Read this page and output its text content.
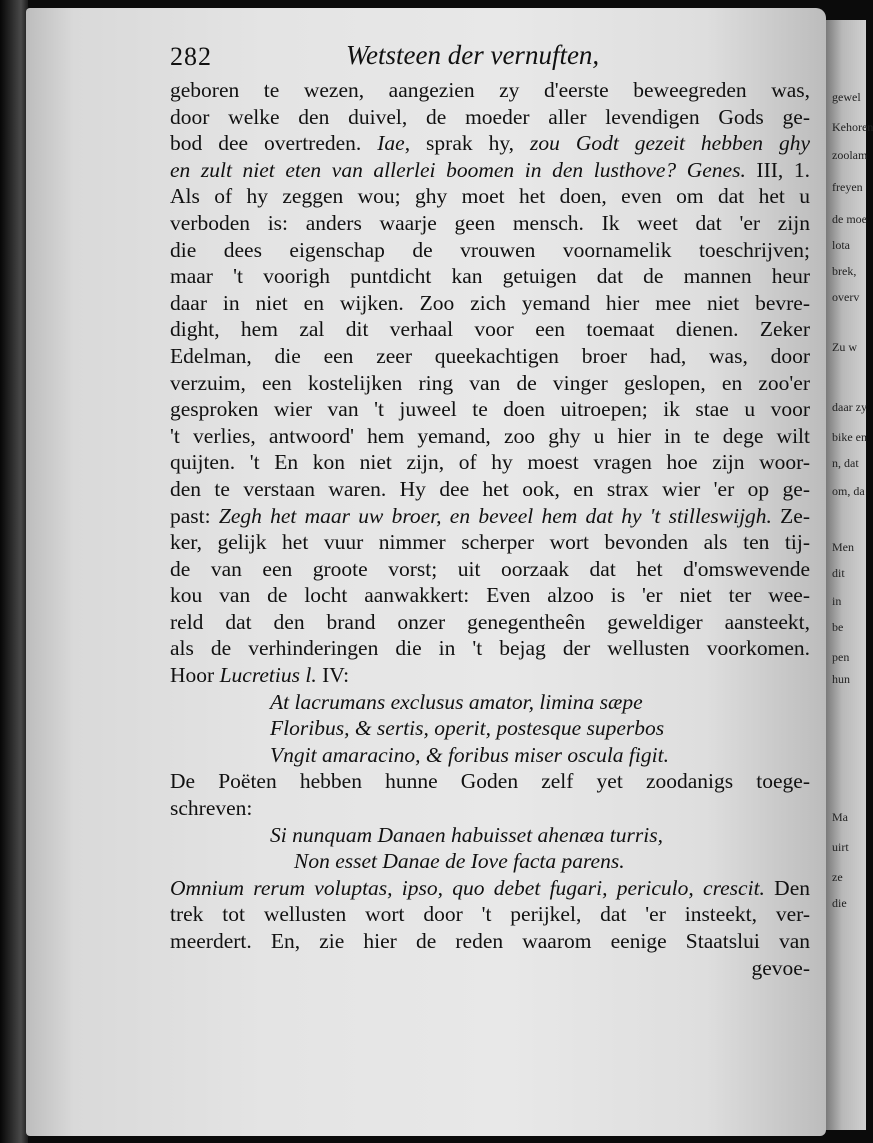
gewel
Kehoren
zoolam
freyen
de moe
lota
brek,
overv
Zu w
daar zy
bike en
n, dat
om, da
Men
dit
in
be
pen
hun
Ma
uirt
ze
die
282	Wetsteen der vernuften,
geboren te wezen, aangezien zy d'eerste beweegreden was,
door welke den duivel, de moeder aller levendigen Gods ge-
bod dee overtreden. Iae, sprak hy, zou Godt gezeit hebben ghy
en zult niet eten van allerlei boomen in den lusthove? Genes. III, 1.
Als of hy zeggen wou; ghy moet het doen, even om dat het u
verboden is: anders waarje geen mensch. Ik weet dat 'er zijn
die dees eigenschap de vrouwen voornamelik toeschrijven;
maar 't voorigh puntdicht kan getuigen dat de mannen heur
daar in niet en wijken. Zoo zich yemand hier mee niet bevre-
dight, hem zal dit verhaal voor een toemaat dienen. Zeker
Edelman, die een zeer queekachtigen broer had, was, door
verzuim, een kostelijken ring van de vinger geslopen, en zoo'er
gesproken wier van 't juweel te doen uitroepen; ik stae u voor
't verlies, antwoord' hem yemand, zoo ghy u hier in te dege wilt
quijten. 't En kon niet zijn, of hy moest vragen hoe zijn woor-
den te verstaan waren. Hy dee het ook, en strax wier 'er op ge-
past: Zegh het maar uw broer, en beveel hem dat hy 't stilleswijgh. Ze-
ker, gelijk het vuur nimmer scherper wort bevonden als ten tij-
de van een groote vorst; uit oorzaak dat het d'omswevende
kou van de locht aanwakkert: Even alzoo is 'er niet ter wee-
reld dat den brand onzer genegentheên geweldiger aansteekt,
als de verhinderingen die in 't bejag der wellusten voorkomen.
Hoor Lucretius l. IV:
At lacrumans exclusus amator, limina sæpe
Floribus, & sertis, operit, postesque superbos
Vngit amaracino, & foribus miser oscula figit.
De Poëten hebben hunne Goden zelf yet zoodanigs toege-
schreven:
Si nunquam Danaen habuisset ahenæa turris,
Non esset Danae de Iove facta parens.
Omnium rerum voluptas, ipso, quo debet fugari, periculo, crescit. Den
trek tot wellusten wort door 't perijkel, dat 'er insteekt, ver-
meerdert. En, zie hier de reden waarom eenige Staatslui van
gevoe-
